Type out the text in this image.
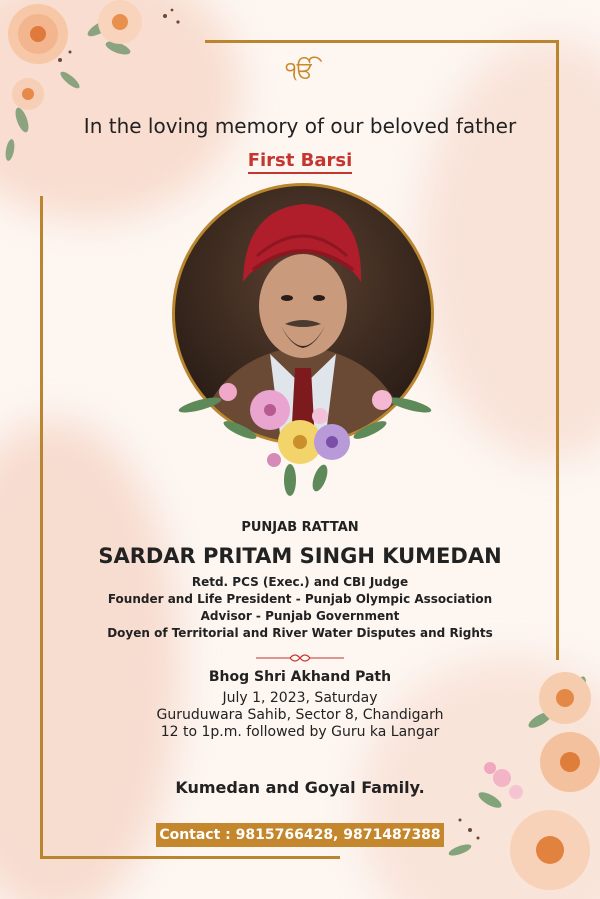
ੴ
In the loving memory of our beloved father
First Barsi
PUNJAB RATTAN
SARDAR PRITAM SINGH KUMEDAN
Retd. PCS (Exec.) and CBI Judge
Founder and Life President - Punjab Olympic Association
Advisor - Punjab Government
Doyen of Territorial and River Water Disputes and Rights
Bhog Shri Akhand Path
July 1, 2023, Saturday
Guruduwara Sahib, Sector 8, Chandigarh
12 to 1p.m. followed by Guru ka Langar
Kumedan and Goyal Family.
Contact : 9815766428, 9871487388
